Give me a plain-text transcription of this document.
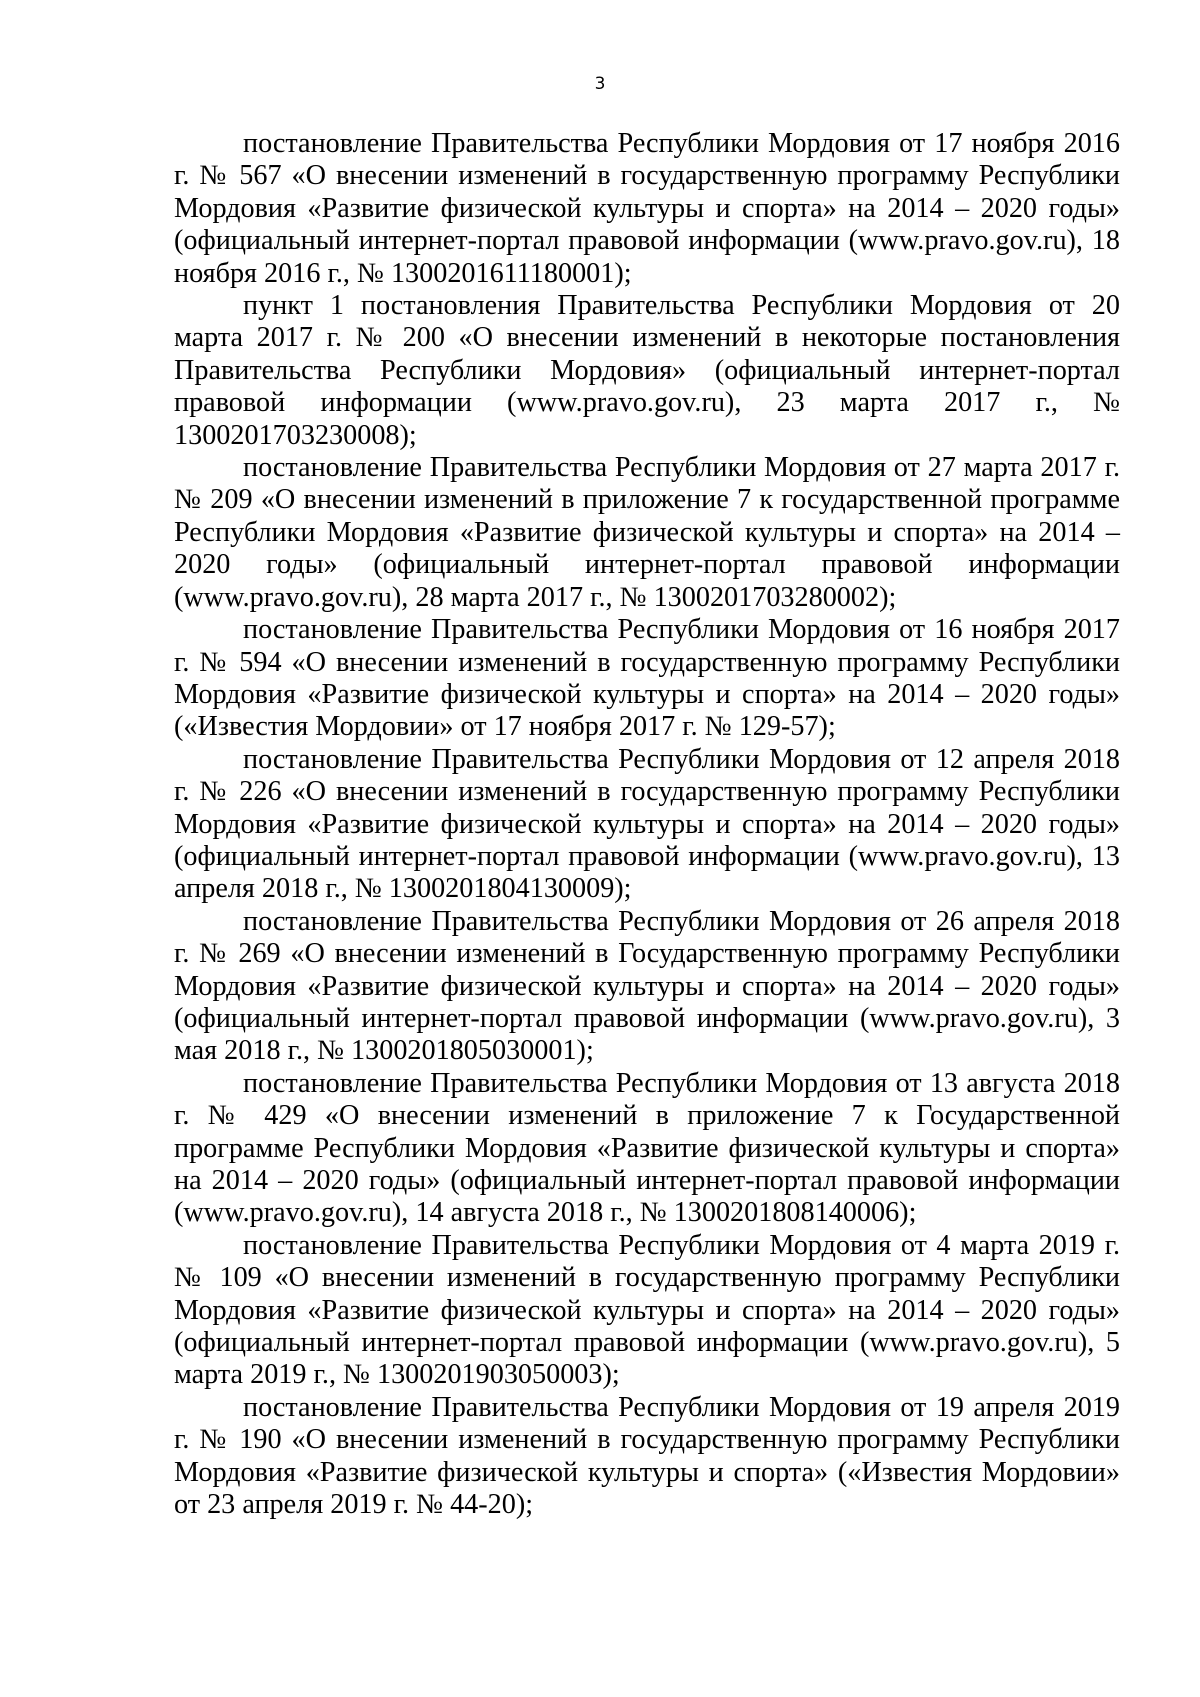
3

постановление Правительства Республики Мордовия от 17 ноября 2016 г. № 567 «О внесении изменений в государственную программу Республики Мордовия «Развитие физической культуры и спорта» на 2014 – 2020 годы» (официальный интернет-портал правовой информации (www.pravo.gov.ru), 18 ноября 2016 г., № 1300201611180001);

пункт 1 постановления Правительства Республики Мордовия от 20 марта 2017 г. № 200 «О внесении изменений в некоторые постановления Правительства Республики Мордовия» (официальный интернет-портал правовой информации (www.pravo.gov.ru), 23 марта 2017 г., № 1300201703230008);

постановление Правительства Республики Мордовия от 27 марта 2017 г. № 209 «О внесении изменений в приложение 7 к государственной программе Республики Мордовия «Развитие физической культуры и спорта» на 2014 –2020 годы» (официальный интернет-портал правовой информации (www.pravo.gov.ru), 28 марта 2017 г., № 1300201703280002);

постановление Правительства Республики Мордовия от 16 ноября 2017 г. № 594 «О внесении изменений в государственную программу Республики Мордовия «Развитие физической культуры и спорта» на 2014 – 2020 годы» («Известия Мордовии» от 17 ноября 2017 г. № 129-57);

постановление Правительства Республики Мордовия от 12 апреля 2018 г. № 226 «О внесении изменений в государственную программу Республики Мордовия «Развитие физической культуры и спорта» на 2014 – 2020 годы» (официальный интернет-портал правовой информации (www.pravo.gov.ru), 13 апреля 2018 г., № 1300201804130009);

постановление Правительства Республики Мордовия от 26 апреля 2018 г. № 269 «О внесении изменений в Государственную программу Республики Мордовия «Развитие физической культуры и спорта» на 2014 – 2020 годы» (официальный интернет-портал правовой информации (www.pravo.gov.ru), 3 мая 2018 г., № 1300201805030001);

постановление Правительства Республики Мордовия от 13 августа 2018 г. № 429 «О внесении изменений в приложение 7 к Государственной программе Республики Мордовия «Развитие физической культуры и спорта» на 2014 – 2020 годы» (официальный интернет-портал правовой информации (www.pravo.gov.ru), 14 августа 2018 г., № 1300201808140006);

постановление Правительства Республики Мордовия от 4 марта 2019 г. № 109 «О внесении изменений в государственную программу Республики Мордовия «Развитие физической культуры и спорта» на 2014 – 2020 годы» (официальный интернет-портал правовой информации (www.pravo.gov.ru), 5 марта 2019 г., № 1300201903050003);

постановление Правительства Республики Мордовия от 19 апреля 2019 г. № 190 «О внесении изменений в государственную программу Республики Мордовия «Развитие физической культуры и спорта» («Известия Мордовии» от 23 апреля 2019 г. № 44-20);
